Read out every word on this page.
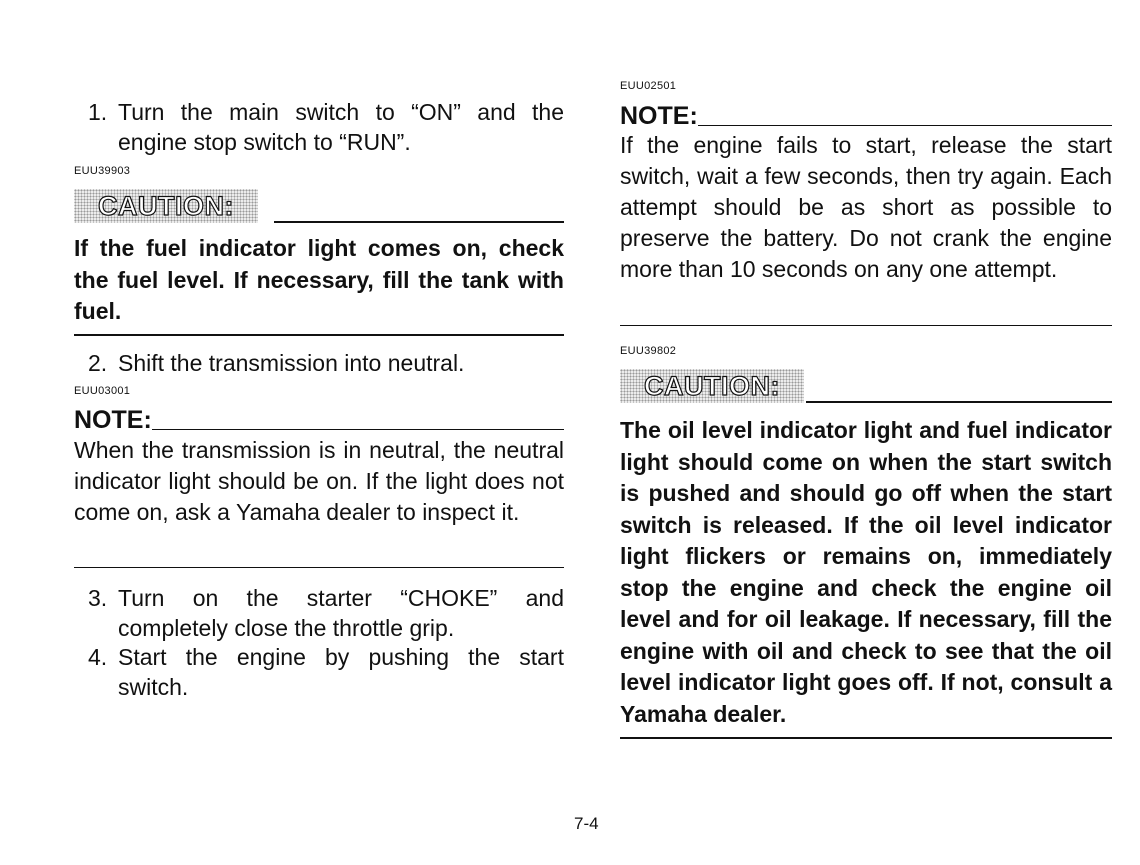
1. Turn the main switch to “ON” and the engine stop switch to “RUN”.
EUU39903
CAUTION:
If the fuel indicator light comes on, check the fuel level. If necessary, fill the tank with fuel.
2. Shift the transmission into neutral.
EUU03001
NOTE:
When the transmission is in neutral, the neutral indicator light should be on. If the light does not come on, ask a Yamaha dealer to inspect it.
3. Turn on the starter “CHOKE” and completely close the throttle grip.
4. Start the engine by pushing the start switch.
EUU02501
NOTE:
If the engine fails to start, release the start switch, wait a few seconds, then try again. Each attempt should be as short as possible to preserve the battery. Do not crank the engine more than 10 seconds on any one attempt.
EUU39802
CAUTION:
The oil level indicator light and fuel indicator light should come on when the start switch is pushed and should go off when the start switch is released. If the oil level indicator light flickers or remains on, immediately stop the engine and check the engine oil level and for oil leakage. If necessary, fill the engine with oil and check to see that the oil level indicator light goes off. If not, consult a Yamaha dealer.
7-4
